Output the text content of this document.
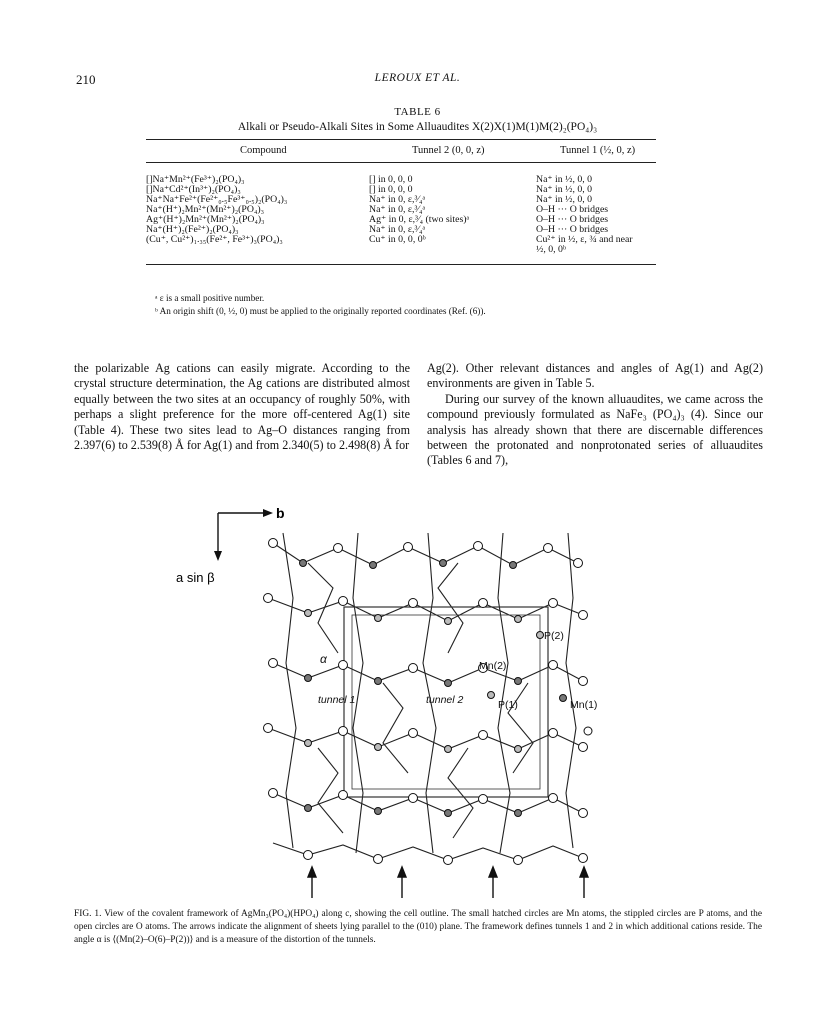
210	LEROUX ET AL.
TABLE 6
Alkali or Pseudo-Alkali Sites in Some Alluaudites X(2)X(1)M(1)M(2)₂(PO₄)₃
Compound	Tunnel 2 (0, 0, z)	Tunnel 1 (½, 0, z)
[]Na⁺Mn²⁺(Fe³⁺)₂(PO₄)₃	[] in 0, 0, 0	Na⁺ in ½, 0, 0
[]Na⁺Cd²⁺(In³⁺)₂(PO₄)₃	[] in 0, 0, 0	Na⁺ in ½, 0, 0
Na⁺Na⁺Fe²⁺(Fe²⁺₀.₅Fe³⁺₀.₅)₂(PO₄)₃	Na⁺ in 0, ε,³⁄₄ᵃ	Na⁺ in ½, 0, 0
Na⁺(H⁺)₂Mn²⁺(Mn²⁺)₂(PO₄)₃	Na⁺ in 0, ε,³⁄₄ᵃ	O–H ··· O bridges
Ag⁺(H⁺)₂Mn²⁺(Mn²⁺)₂(PO₄)₃	Ag⁺ in 0, ε,³⁄₄ (two sites)ᵃ	O–H ··· O bridges
Na⁺(H⁺)₂(Fe²⁺)₂(PO₄)₃	Na⁺ in 0, ε,³⁄₄ᵃ	O–H ··· O bridges
(Cu⁺, Cu²⁺)₁.₃₅(Fe²⁺, Fe³⁺)₃(PO₄)₃	Cu⁺ in 0, 0, 0ᵇ	Cu²⁺ in ½, ε, ¾ and near
½, 0, 0ᵇ
ᵃ ε is a small positive number.
ᵇ An origin shift (0, ½, 0) must be applied to the originally reported coordinates (Ref. (6)).

the polarizable Ag cations can easily migrate. According to the crystal structure determination, the Ag cations are distributed almost equally between the two sites at an occupancy of roughly 50%, with perhaps a slight preference for the more off-centered Ag(1) site (Table 4). These two sites lead to Ag–O distances ranging from 2.397(6) to 2.539(8) Å for Ag(1) and from 2.340(5) to 2.498(8) Å for

Ag(2). Other relevant distances and angles of Ag(1) and Ag(2) environments are given in Table 5.

During our survey of the known alluaudites, we came across the compound previously formulated as NaFe₃ (PO₄)₃ (4). Since our analysis has already shown that there are discernable differences between the protonated and nonprotonated series of alluaudites (Tables 6 and 7),

b
a sin β
P(2)
Mn(2)
P(1)	Mn(1)
α
tunnel 1	tunnel 2
FIG. 1. View of the covalent framework of AgMn₃(PO₄)(HPO₄) along c, showing the cell outline. The small hatched circles are Mn atoms, the stippled circles are P atoms, and the open circles are O atoms. The arrows indicate the alignment of sheets lying parallel to the (010) plane. The framework defines tunnels 1 and 2 in which additional cations reside. The angle α is ⟨(Mn(2)–O(6)–P(2))⟩ and is a measure of the distortion of the tunnels.
